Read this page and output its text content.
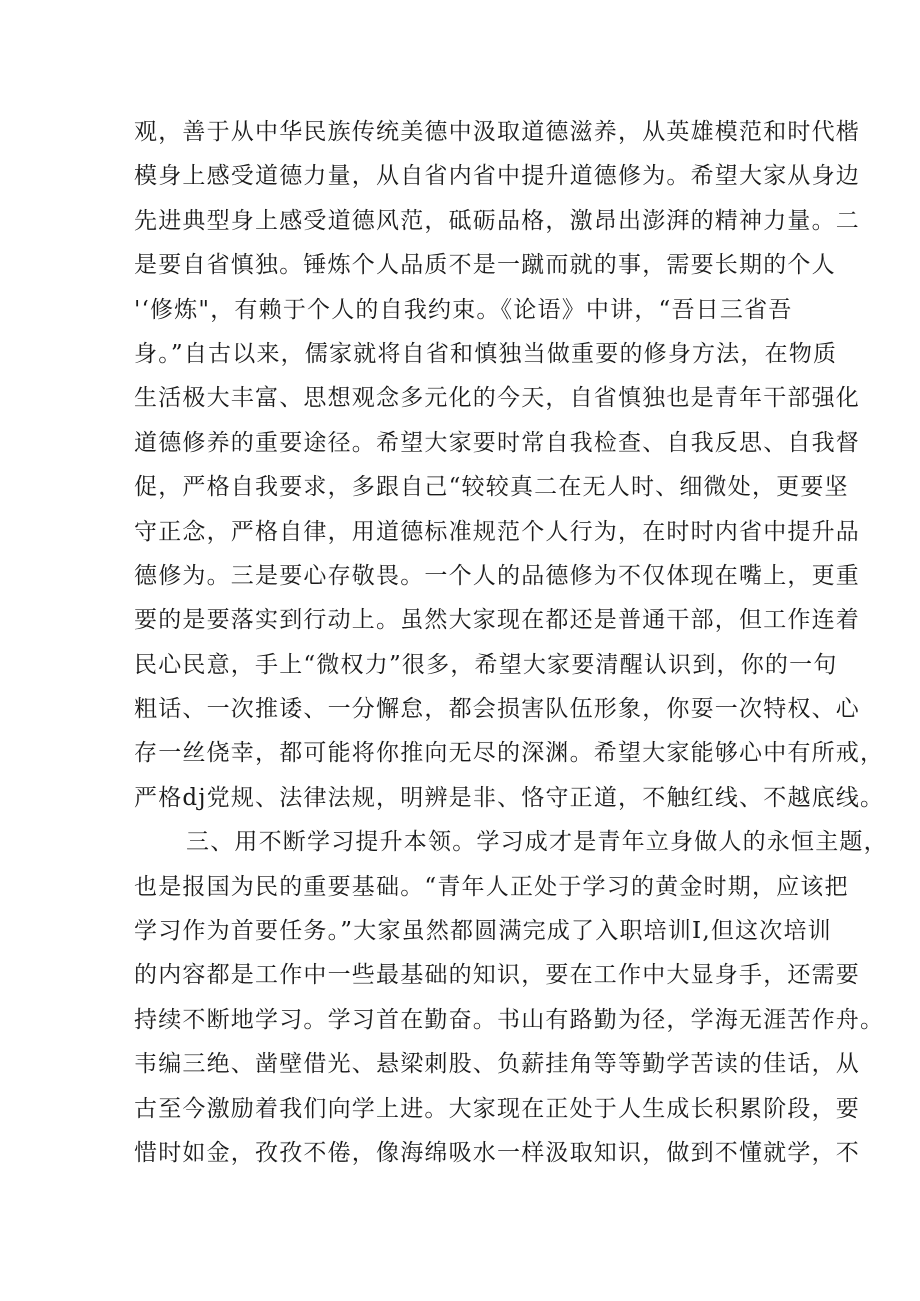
观，善于从中华民族传统美德中汲取道德滋养，从英雄模范和时代楷
模身上感受道德力量，从自省内省中提升道德修为。希望大家从身边
先进典型身上感受道德风范，砥砺品格，激昂出澎湃的精神力量。二
是要自省慎独。锤炼个人品质不是一蹴而就的事，需要长期的个人
'‘修炼"，有赖于个人的自我约束。《论语》中讲，“吾日三省吾
身。”自古以来，儒家就将自省和慎独当做重要的修身方法，在物质
生活极大丰富、思想观念多元化的今天，自省慎独也是青年干部强化
道德修养的重要途径。希望大家要时常自我检查、自我反思、自我督
促，严格自我要求，多跟自己“较较真二在无人时、细微处，更要坚
守正念，严格自律，用道德标准规范个人行为，在时时内省中提升品
德修为。三是要心存敬畏。一个人的品德修为不仅体现在嘴上，更重
要的是要落实到行动上。虽然大家现在都还是普通干部，但工作连着
民心民意，手上“微权力”很多，希望大家要清醒认识到，你的一句
粗话、一次推诿、一分懈怠，都会损害队伍形象，你耍一次特权、心
存一丝侥幸，都可能将你推向无尽的深渊。希望大家能够心中有所戒，
严格dj党规、法律法规，明辨是非、恪守正道，不触红线、不越底线。
三、用不断学习提升本领。学习成才是青年立身做人的永恒主题，
也是报国为民的重要基础。“青年人正处于学习的黄金时期，应该把
学习作为首要任务。”大家虽然都圆满完成了入职培训I,但这次培训
的内容都是工作中一些最基础的知识，要在工作中大显身手，还需要
持续不断地学习。学习首在勤奋。书山有路勤为径，学海无涯苦作舟。
韦编三绝、凿壁借光、悬梁刺股、负薪挂角等等勤学苦读的佳话，从
古至今激励着我们向学上进。大家现在正处于人生成长积累阶段，要
惜时如金，孜孜不倦，像海绵吸水一样汲取知识，做到不懂就学，不
